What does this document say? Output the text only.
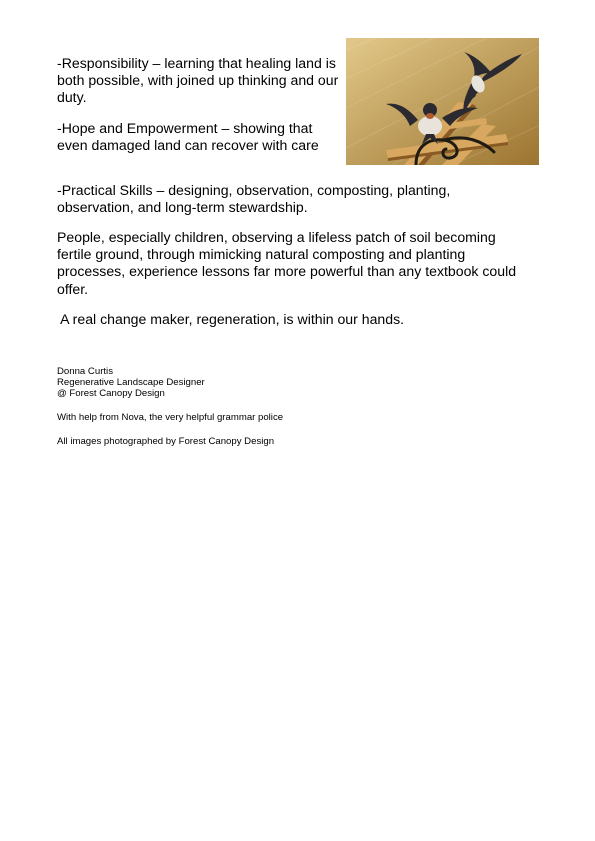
-Responsibility – learning that healing land is both possible, with joined up thinking and our duty.

-Hope and Empowerment – showing that even damaged land can recover with care

-Practical Skills – designing, observation, composting, planting, observation, and long-term stewardship.

People, especially children, observing a lifeless patch of soil becoming fertile ground, through mimicking natural composting and planting processes, experience lessons far more powerful than any textbook could offer.

A real change maker, regeneration, is within our hands.

Donna Curtis
Regenerative Landscape Designer
@ Forest Canopy Design

With help from Nova, the very helpful grammar police

All images photographed by Forest Canopy Design
